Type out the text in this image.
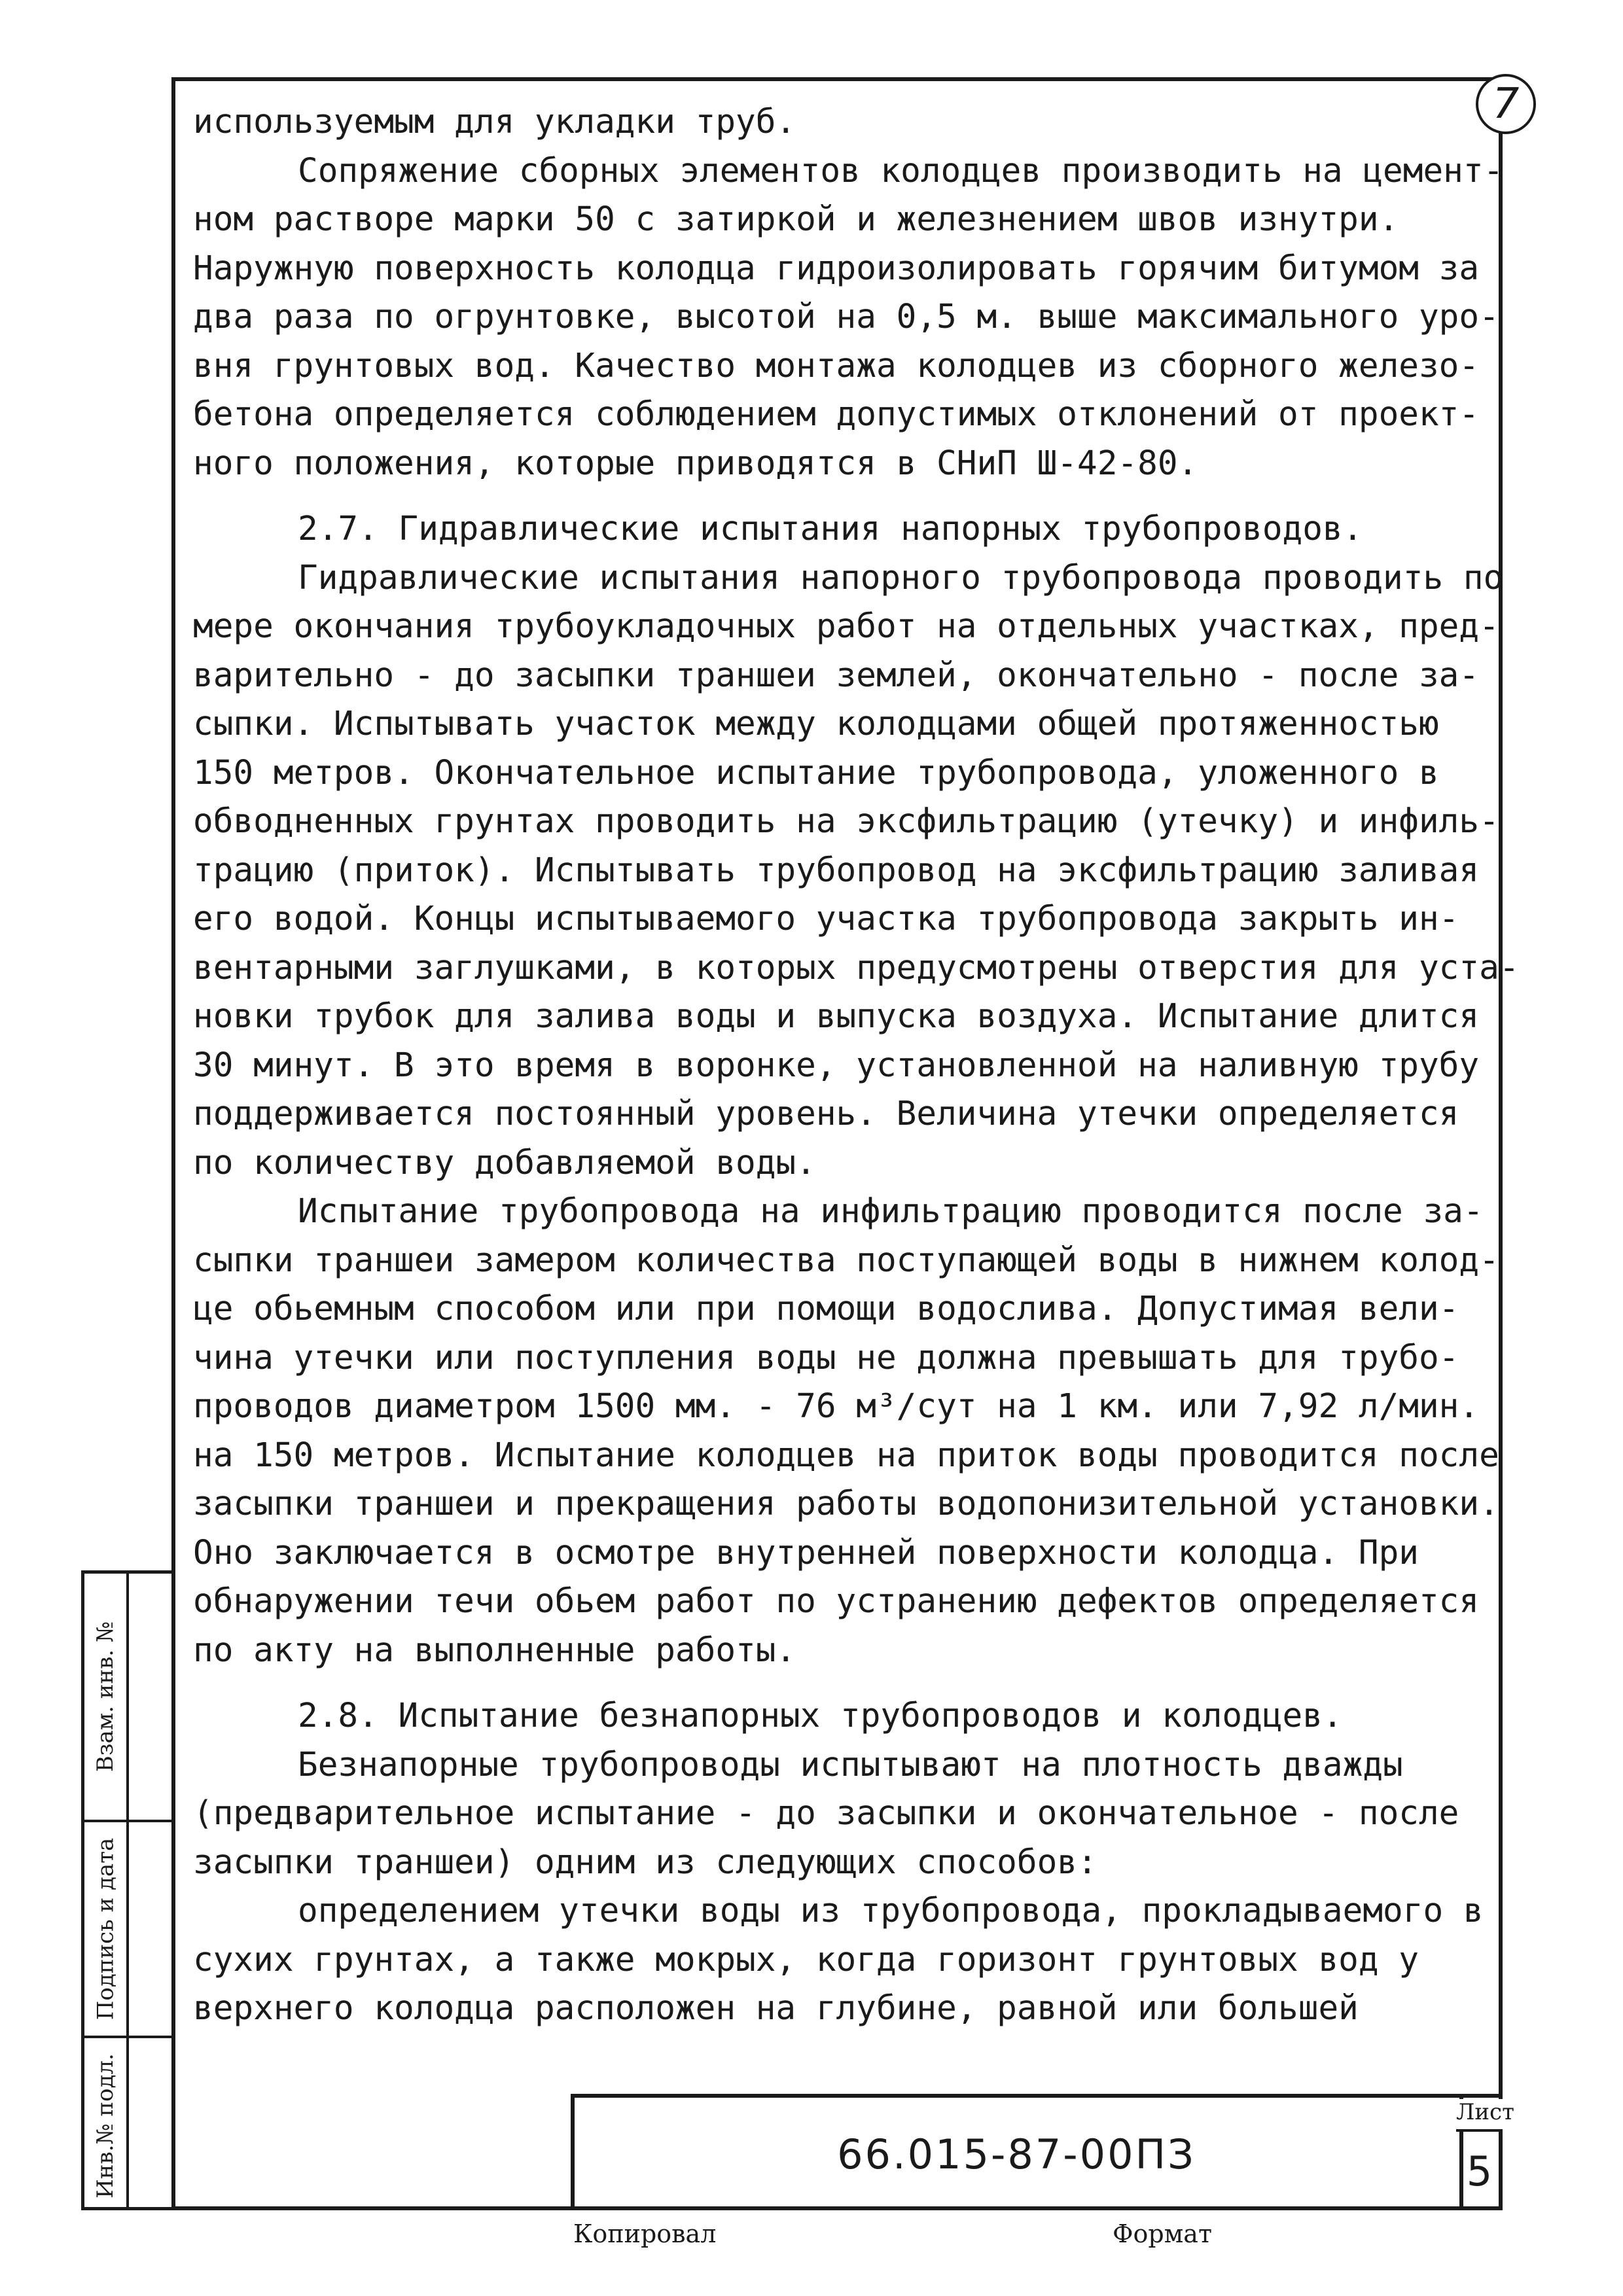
7
используемым для укладки труб.
Сопряжение сборных элементов колодцев производить на цемент-
ном растворе марки 50 с затиркой и железнением швов изнутри.
Наружную поверхность колодца гидроизолировать горячим битумом за
два раза по огрунтовке, высотой на 0,5 м. выше максимального уро-
вня грунтовых вод. Качество монтажа колодцев из сборного железо-
бетона определяется соблюдением допустимых отклонений от проект-
ного положения, которые приводятся в СНиП Ш-42-80.
2.7. Гидравлические испытания напорных трубопроводов.
Гидравлические испытания напорного трубопровода проводить по
мере окончания трубоукладочных работ на отдельных участках, пред-
варительно - до засыпки траншеи землей, окончательно - после за-
сыпки. Испытывать участок между колодцами общей протяженностью
150 метров. Окончательное испытание трубопровода, уложенного в
обводненных грунтах проводить на эксфильтрацию (утечку) и инфиль-
трацию (приток). Испытывать трубопровод на эксфильтрацию заливая
его водой. Концы испытываемого участка трубопровода закрыть ин-
вентарными заглушками, в которых предусмотрены отверстия для уста-
новки трубок для залива воды и выпуска воздуха. Испытание длится
30 минут. В это время в воронке, установленной на наливную трубу
поддерживается постоянный уровень. Величина утечки определяется
по количеству добавляемой воды.
Испытание трубопровода на инфильтрацию проводится после за-
сыпки траншеи замером количества поступающей воды в нижнем колод-
це обьемным способом или при помощи водослива. Допустимая вели-
чина утечки или поступления воды не должна превышать для трубо-
проводов диаметром 1500 мм. - 76 м³/сут на 1 км. или 7,92 л/мин.
на 150 метров. Испытание колодцев на приток воды проводится после
засыпки траншеи и прекращения работы водопонизительной установки.
Оно заключается в осмотре внутренней поверхности колодца. При
обнаружении течи обьем работ по устранению дефектов определяется
по акту на выполненные работы.
2.8. Испытание безнапорных трубопроводов и колодцев.
Безнапорные трубопроводы испытывают на плотность дважды
(предварительное испытание - до засыпки и окончательное - после
засыпки траншеи) одним из следующих способов:
определением утечки воды из трубопровода, прокладываемого в
сухих грунтах, а также мокрых, когда горизонт грунтовых вод у
верхнего колодца расположен на глубине, равной или большей
Взам. инв. №
Подпись и дата
Инв.№ подл.	66.015-87-00ПЗ
Лист
5
Копировал	Формат
